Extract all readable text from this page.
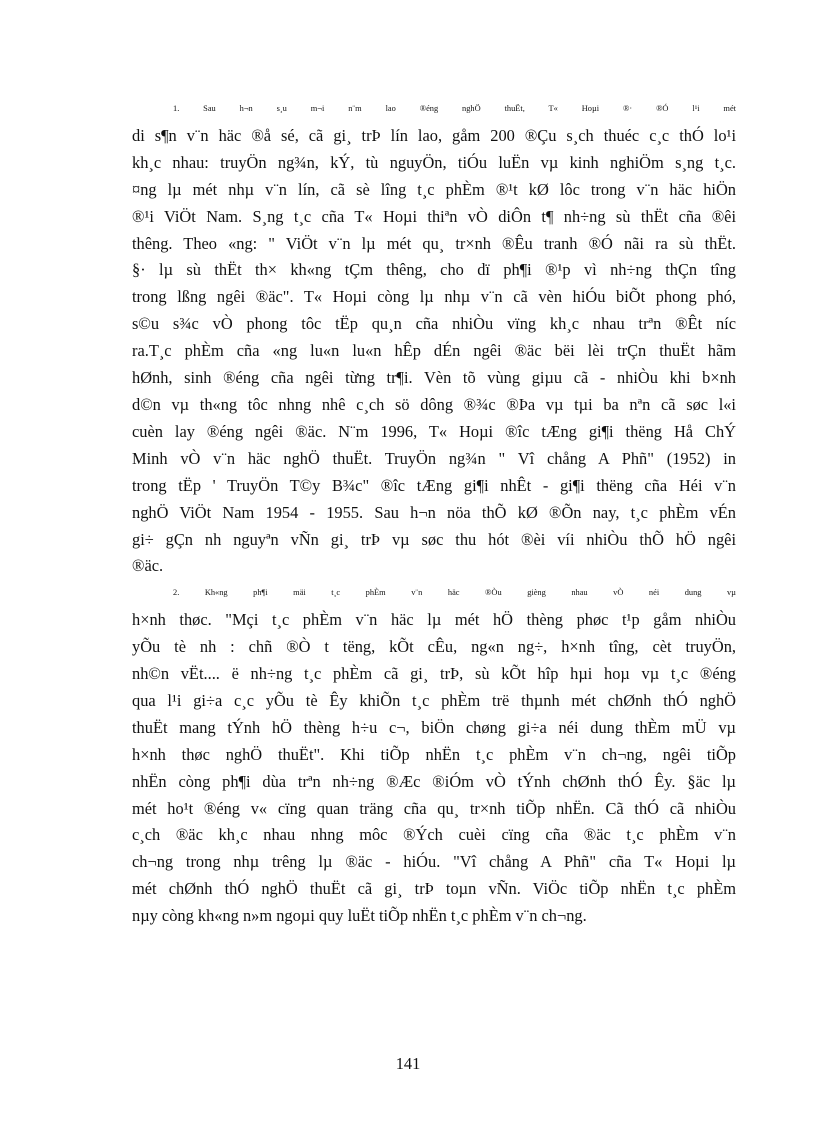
1. Sau h¬n s¸u m¬i n¨m lao ®éng nghÖ thuËt, T« Hoµi ®· ®Ó l¹i mét
di s¶n v¨n häc ®å sé, cã gi¸ trÞ lín lao, gåm 200 ®Çu s¸ch thuéc c¸c thÓ lo¹i
kh¸c nhau: truyÖn ng¾n, kÝ, tù nguyÖn, tiÓu luËn vµ kinh nghiÖm s¸ng t¸c.
¤ng lµ mét nhµ v¨n lín, cã sè lîng t¸c phÈm ®¹t kØ lôc trong v¨n häc hiÖn
®¹i ViÖt Nam. S¸ng t¸c cña T« Hoµi thiªn vÒ diÔn t¶ nh÷ng sù thËt cña ®êi
thêng. Theo «ng: " ViÖt v¨n lµ mét qu¸ tr×nh ®Êu tranh ®Ó nãi ra sù thËt.
§· lµ sù thËt th× kh«ng tÇm thêng, cho dï ph¶i ®¹p vì nh÷ng thÇn tîng
trong lßng ngêi ®äc". T« Hoµi còng lµ nhµ v¨n cã vèn hiÓu biÕt phong phó,
s©u s¾c vÒ phong tôc tËp qu¸n cña nhiÒu vïng kh¸c nhau trªn ®Êt níc
ra.T¸c phÈm cña «ng lu«n lu«n hÊp dÉn ngêi ®äc bëi lèi trÇn thuËt hãm
hØnh, sinh ®éng cña ngêi từng tr¶i. Vèn tõ vùng giµu cã - nhiÒu khi b×nh
d©n vµ th«ng tôc nhng nhê c¸ch sö dông ®¾c ®Þa vµ tµi ba nªn cã søc l«i
cuèn lay ®éng ngêi ®äc. N¨m 1996, T« Hoµi ®îc tÆng gi¶i thëng Hå ChÝ
Minh vÒ v¨n häc nghÖ thuËt. TruyÖn ng¾n " Vî chång A Phñ" (1952) in
trong tËp ' TruyÖn T©y B¾c" ®îc tÆng gi¶i nhÊt - gi¶i thëng cña Héi v¨n
nghÖ ViÖt Nam 1954 - 1955. Sau h¬n nöa thÕ kØ ®Õn nay, t¸c phÈm vÉn
gi÷ gÇn nh nguyªn vÑn gi¸ trÞ vµ søc thu hót ®èi víi nhiÒu thÕ hÖ ngêi
®äc.
2. Kh«ng ph¶i mäi t¸c phÈm v¨n häc ®Òu gièng nhau vÒ néi dung vµ
h×nh thøc. "Mçi t¸c phÈm v¨n häc lµ mét hÖ thèng phøc t¹p gåm nhiÒu
yÕu tè nh : chñ ®Ò t tëng, kÕt cÊu, ng«n ng÷, h×nh tîng, cèt truyÖn,
nh©n vËt.... ë nh÷ng t¸c phÈm cã gi¸ trÞ, sù kÕt hîp hµi hoµ vµ t¸c ®éng
qua l¹i gi÷a c¸c yÕu tè Êy khiÕn t¸c phÈm trë thµnh mét chØnh thÓ nghÖ
thuËt mang tÝnh hÖ thèng h÷u c¬, biÖn chøng gi÷a néi dung thÈm mÜ vµ
h×nh thøc nghÖ thuËt". Khi tiÕp nhËn t¸c phÈm v¨n ch¬ng, ngêi tiÕp
nhËn còng ph¶i dùa trªn nh÷ng ®Æc ®iÓm vÒ tÝnh chØnh thÓ Êy. §äc lµ
mét ho¹t ®éng v« cïng quan träng cña qu¸ tr×nh tiÕp nhËn. Cã thÓ cã nhiÒu
c¸ch ®äc kh¸c nhau nhng môc ®Ých cuèi cïng cña ®äc t¸c phÈm v¨n
ch¬ng trong nhµ trêng lµ ®äc - hiÓu. "Vî chång A Phñ" cña T« Hoµi lµ
mét chØnh thÓ nghÖ thuËt cã gi¸ trÞ toµn vÑn. ViÖc tiÕp nhËn t¸c phÈm
nµy còng kh«ng n»m ngoµi quy luËt tiÕp nhËn t¸c phÈm v¨n ch¬ng.
141
